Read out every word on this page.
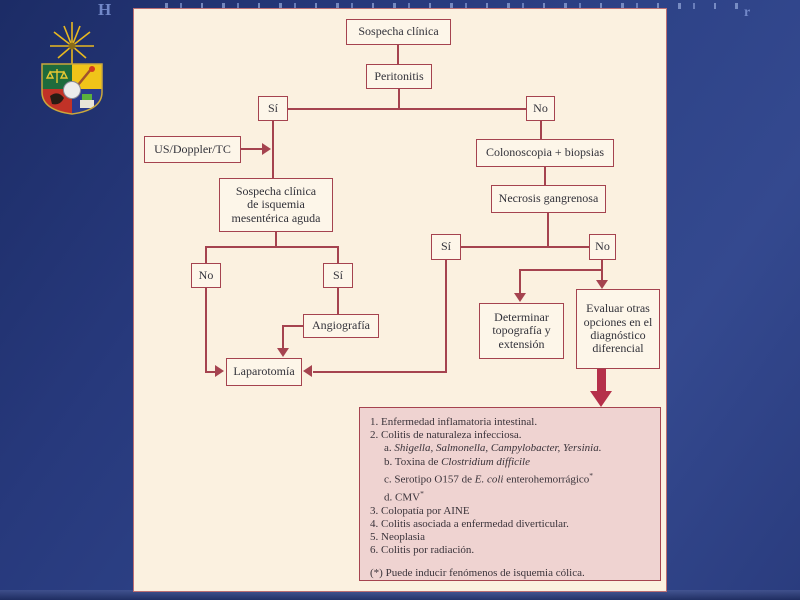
H	r
Sospecha clínica
Peritonitis
Sí	No
US/Doppler/TC
Sospecha clínica
de isquemia
mesentérica aguda
No	Sí
Angiografía
Laparotomía
Colonoscopia + biopsias
Necrosis gangrenosa
Sí	No
Determinar
topografía y
extensión
Evaluar otras
opciones en el
diagnóstico
diferencial
1. Enfermedad inflamatoria intestinal.
2. Colitis de naturaleza infecciosa.
a. Shigella, Salmonella, Campylobacter, Yersinia.
b. Toxina de Clostridium difficile
c. Serotipo O157 de E. coli enterohemorrágico*
d. CMV*
3. Colopatía por AINE
4. Colitis asociada a enfermedad diverticular.
5. Neoplasia
6. Colitis por radiación.
(*) Puede inducir fenómenos de isquemia cólica.
